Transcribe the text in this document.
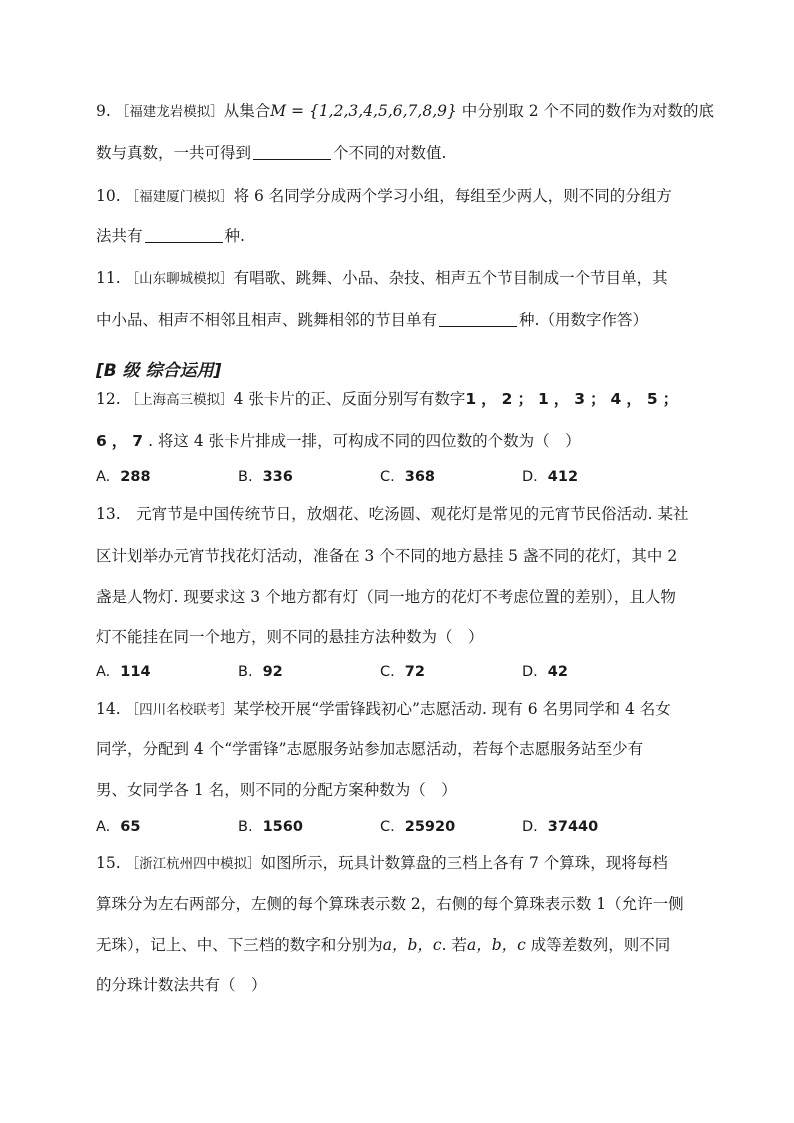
9. ［福建龙岩模拟］从集合M = {1,2,3,4,5,6,7,8,9} 中分别取 2 个不同的数作为对数的底
数与真数，一共可得到	个不同的对数值.
10. ［福建厦门模拟］将 6 名同学分成两个学习小组，每组至少两人，则不同的分组方
法共有	种.
11. ［山东聊城模拟］有唱歌、跳舞、小品、杂技、相声五个节目制成一个节目单，其
中小品、相声不相邻且相声、跳舞相邻的节目单有	种.（用数字作答）
[B 级 综合运用]
12. ［上海高三模拟］4 张卡片的正、反面分别写有数字1，2；1，3；4，5；
6，7. 将这 4 张卡片排成一排，可构成不同的四位数的个数为（　）
A. 288	B. 336	C. 368	D. 412
13.　元宵节是中国传统节日，放烟花、吃汤圆、观花灯是常见的元宵节民俗活动. 某社
区计划举办元宵节找花灯活动，准备在 3 个不同的地方悬挂 5 盏不同的花灯，其中 2
盏是人物灯. 现要求这 3 个地方都有灯（同一地方的花灯不考虑位置的差别），且人物
灯不能挂在同一个地方，则不同的悬挂方法种数为（　）
A. 114	B. 92	C. 72	D. 42
14. ［四川名校联考］某学校开展“学雷锋践初心”志愿活动. 现有 6 名男同学和 4 名女
同学，分配到 4 个“学雷锋”志愿服务站参加志愿活动，若每个志愿服务站至少有
男、女同学各 1 名，则不同的分配方案种数为（　）
A. 65	B. 1560	C. 25920	D. 37440
15. ［浙江杭州四中模拟］如图所示，玩具计数算盘的三档上各有 7 个算珠，现将每档
算珠分为左右两部分，左侧的每个算珠表示数 2，右侧的每个算珠表示数 1（允许一侧
无珠），记上、中、下三档的数字和分别为a，b，c. 若a，b，c 成等差数列，则不同
的分珠计数法共有（　）
